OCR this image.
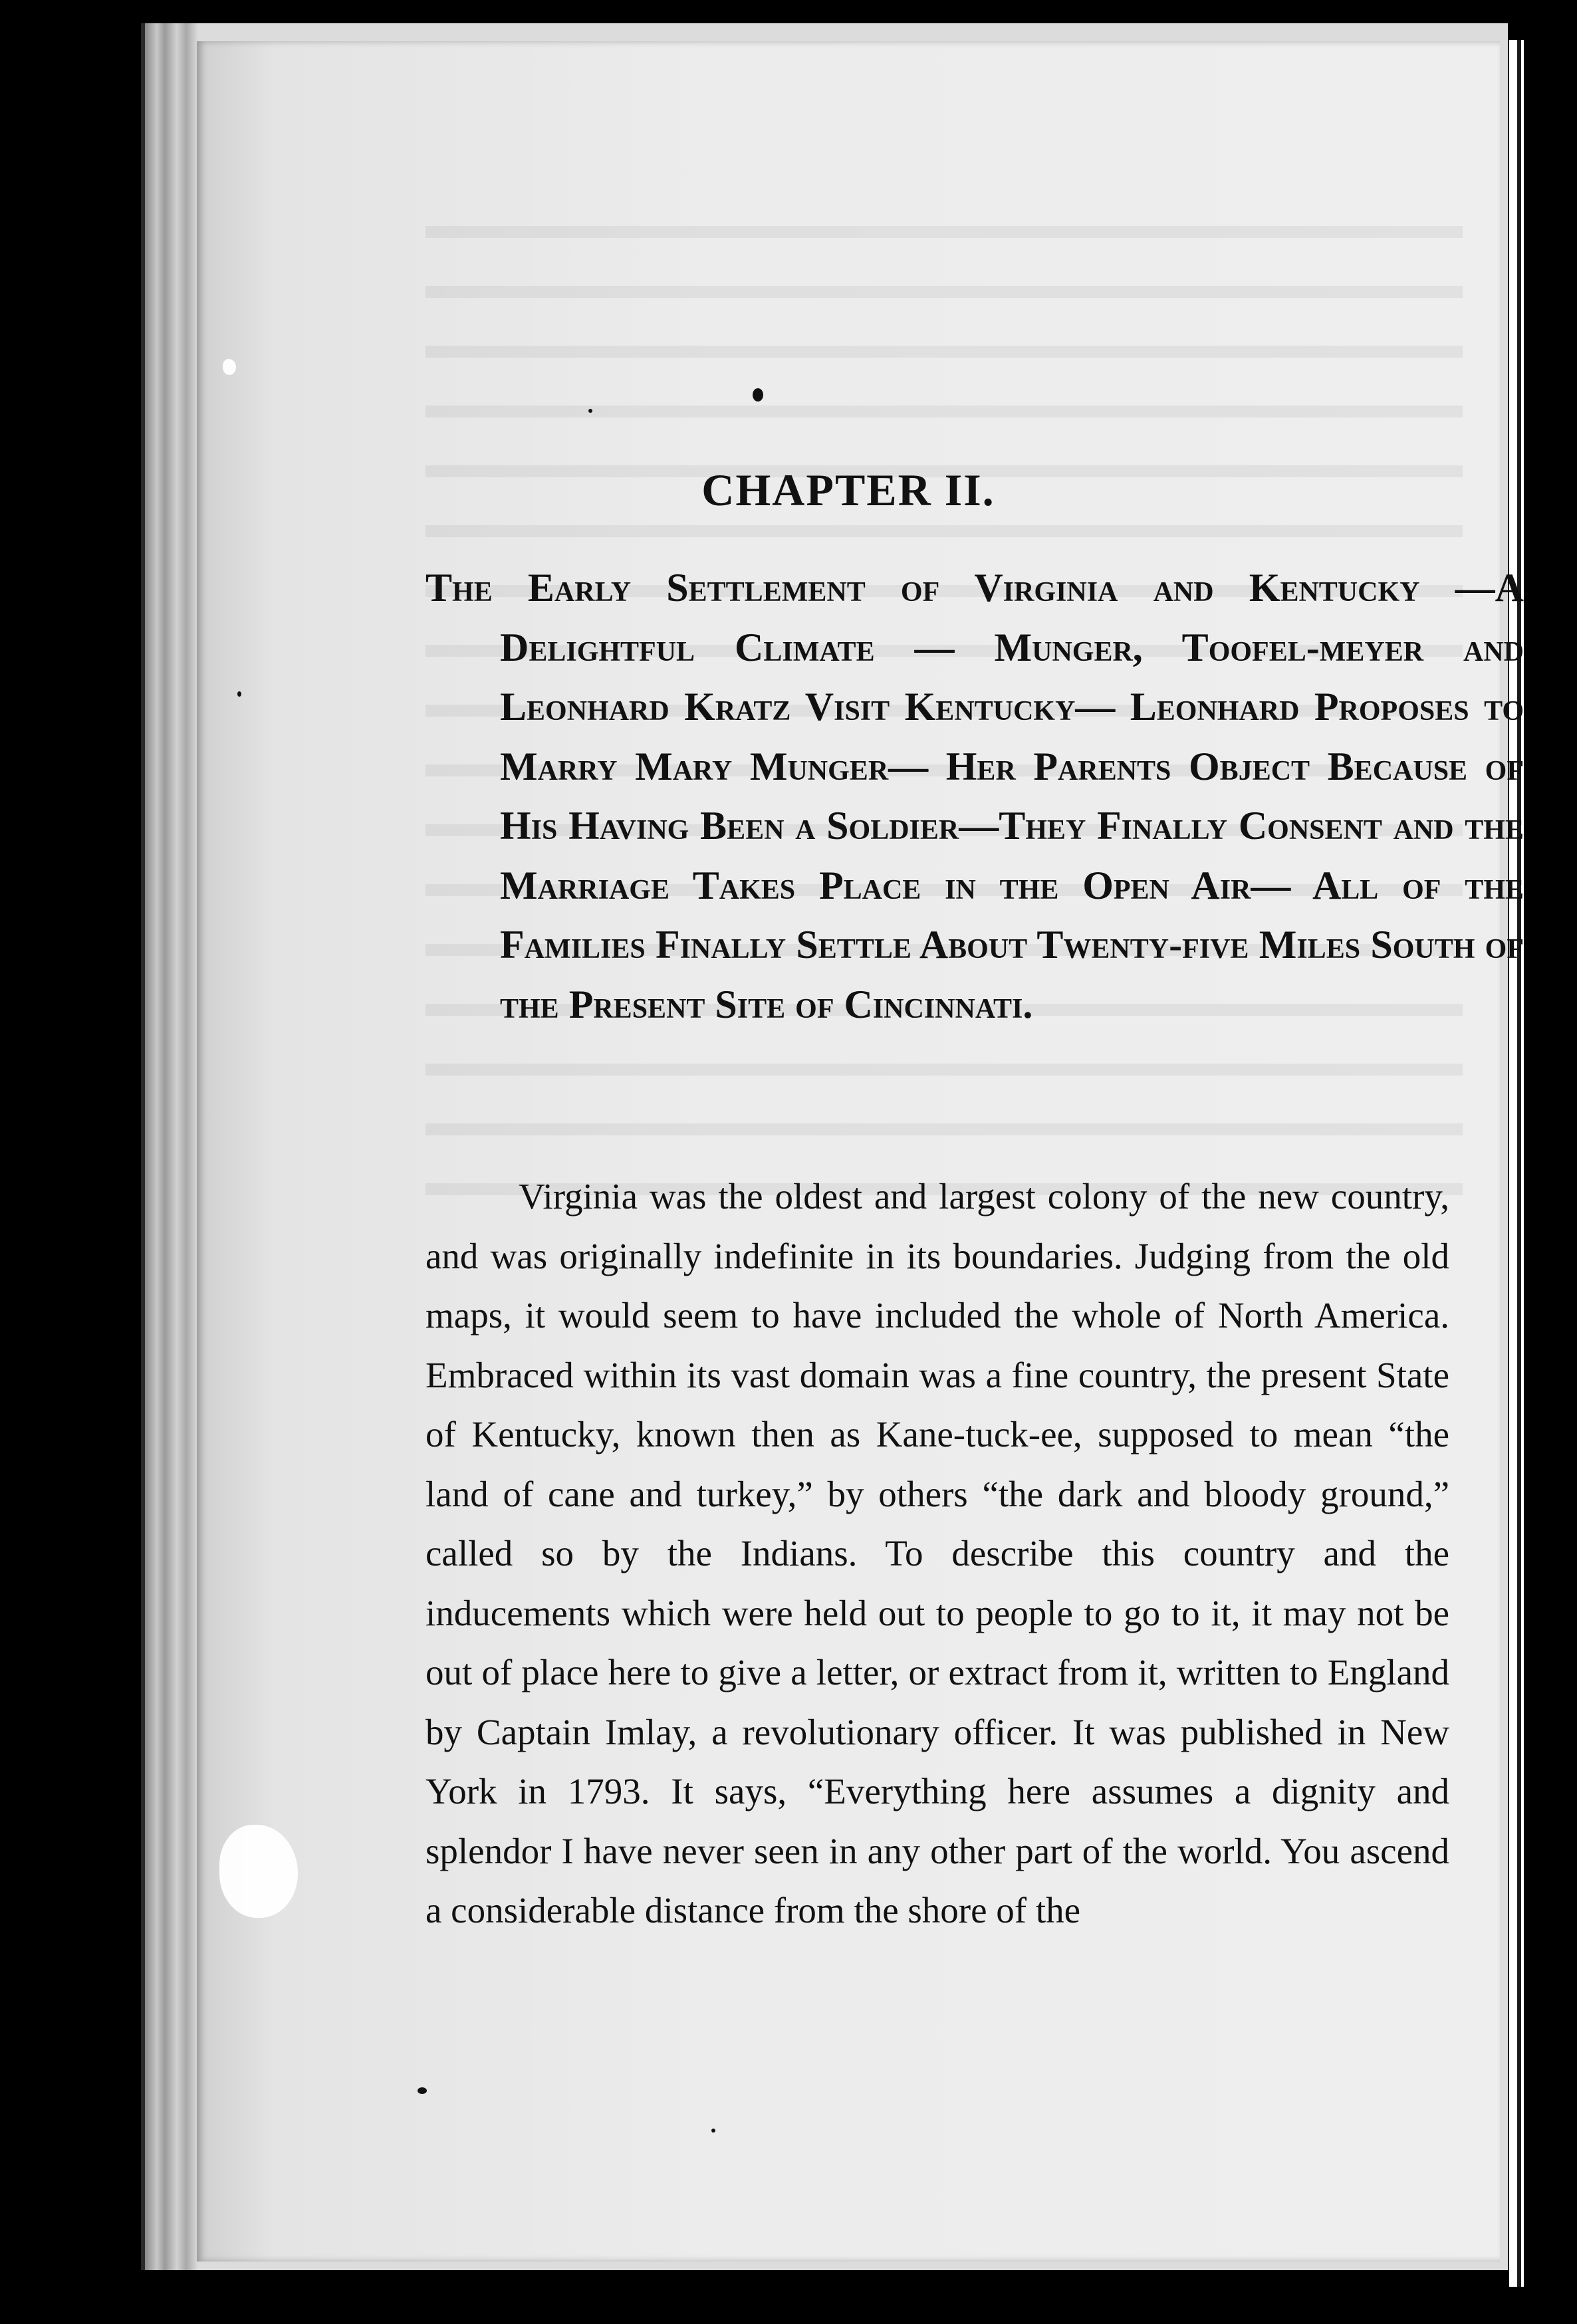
CHAPTER II.

The Early Settlement of Virginia and Kentucky —A Delightful Climate — Munger, Toofel-meyer and Leonhard Kratz Visit Kentucky— Leonhard Proposes to Marry Mary Munger— Her Parents Object Because of His Having Been a Soldier—They Finally Consent and the Marriage Takes Place in the Open Air— All of the Families Finally Settle About Twenty-five Miles South of the Present Site of Cincinnati.

Virginia was the oldest and largest colony of the new country, and was originally indefinite in its boundaries. Judging from the old maps, it would seem to have included the whole of North America. Embraced within its vast domain was a fine country, the present State of Kentucky, known then as Kane-tuck-ee, supposed to mean “the land of cane and turkey,” by others “the dark and bloody ground,” called so by the Indians. To describe this country and the inducements which were held out to people to go to it, it may not be out of place here to give a letter, or extract from it, written to England by Captain Imlay, a revolutionary officer. It was published in New York in 1793. It says, “Everything here assumes a dignity and splendor I have never seen in any other part of the world. You ascend a considerable distance from the shore of the
